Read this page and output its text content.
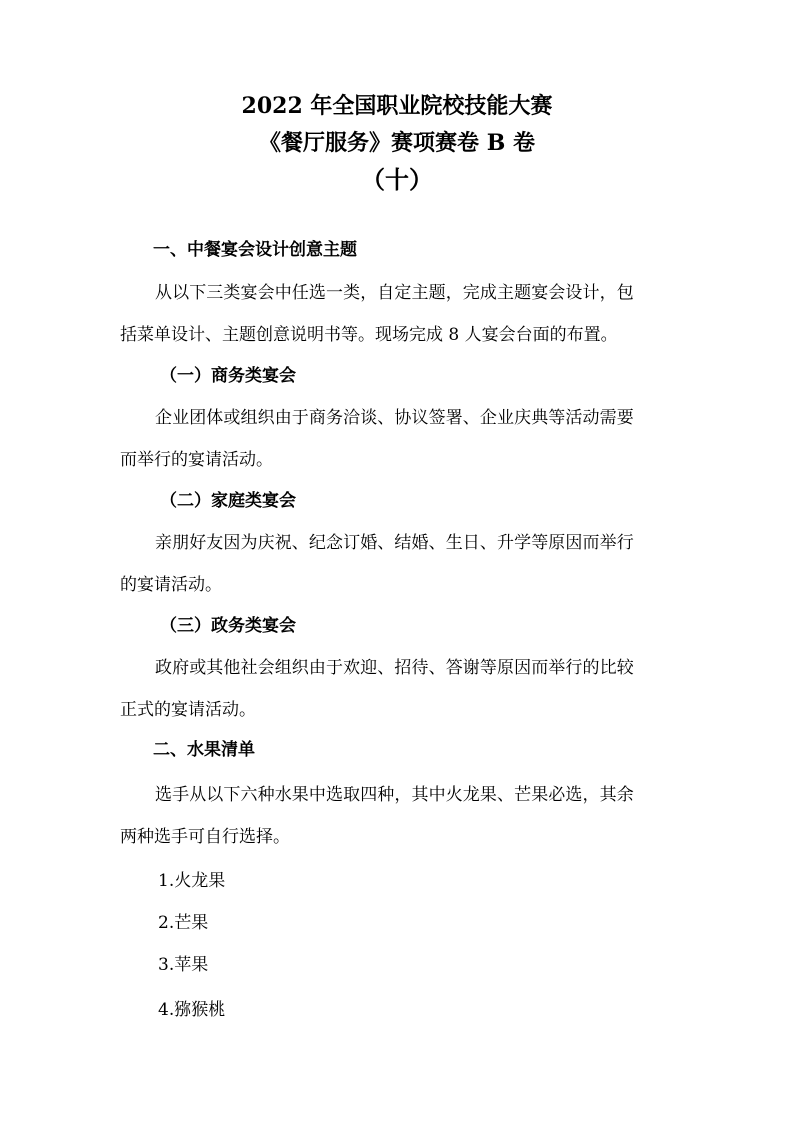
2022 年全国职业院校技能大赛
《餐厅服务》赛项赛卷 B 卷
（十）
一、中餐宴会设计创意主题
从以下三类宴会中任选一类，自定主题，完成主题宴会设计，包
括菜单设计、主题创意说明书等。现场完成 8 人宴会台面的布置。
（一）商务类宴会
企业团体或组织由于商务洽谈、协议签署、企业庆典等活动需要
而举行的宴请活动。
（二）家庭类宴会
亲朋好友因为庆祝、纪念订婚、结婚、生日、升学等原因而举行
的宴请活动。
（三）政务类宴会
政府或其他社会组织由于欢迎、招待、答谢等原因而举行的比较
正式的宴请活动。
二、水果清单
选手从以下六种水果中选取四种，其中火龙果、芒果必选，其余
两种选手可自行选择。
1.火龙果
2.芒果
3.苹果
4.猕猴桃
